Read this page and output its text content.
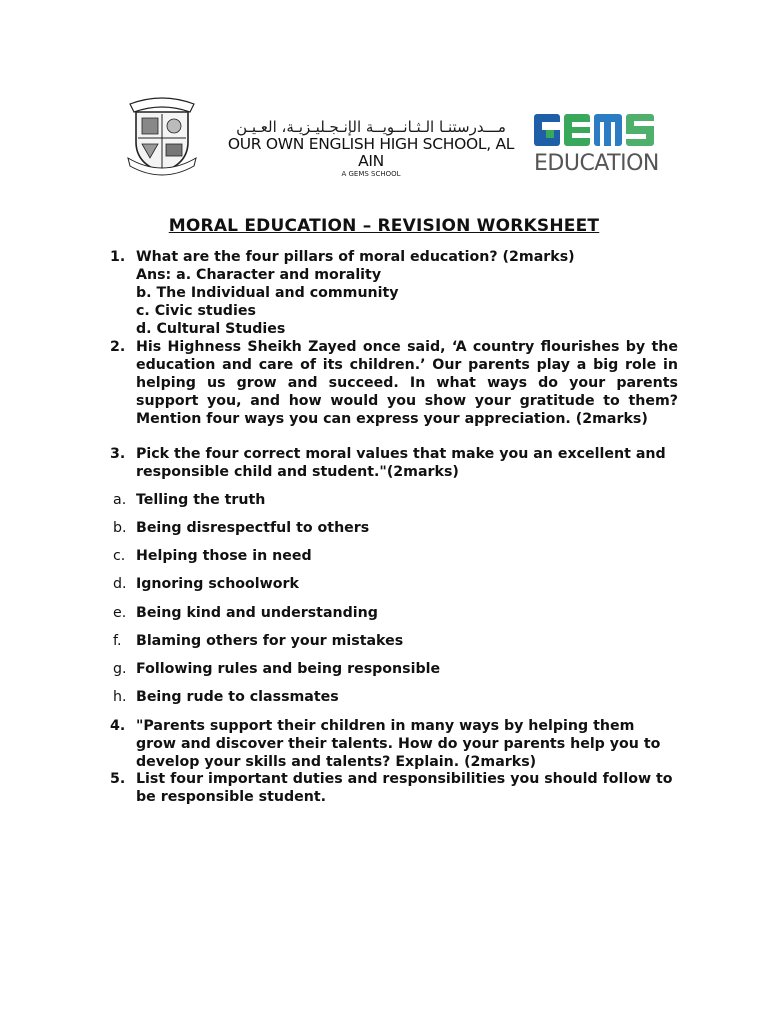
مـــدرستنـا الـثـانــويــة الإنـجـليـزيـة، العـيـن
OUR OWN ENGLISH HIGH SCHOOL, AL AIN
A GEMS SCHOOL	EDUCATION
MORAL EDUCATION – REVISION WORKSHEET
1. What are the four pillars of moral education? (2marks)
Ans: a. Character and morality
b. The Individual and community
c. Civic studies
d. Cultural Studies
2. His Highness Sheikh Zayed once said, ‘A country flourishes by the education and care of its children.’ Our parents play a big role in helping us grow and succeed. In what ways do your parents support you, and how would you show your gratitude to them? Mention four ways you can express your appreciation. (2marks)
3. Pick the four correct moral values that make you an excellent and responsible child and student."(2marks)
a. Telling the truth
b. Being disrespectful to others
c. Helping those in need
d. Ignoring schoolwork
e. Being kind and understanding
f. Blaming others for your mistakes
g. Following rules and being responsible
h. Being rude to classmates
4. "Parents support their children in many ways by helping them grow and discover their talents. How do your parents help you to develop your skills and talents? Explain. (2marks)
5. List four important duties and responsibilities you should follow to be responsible student.
